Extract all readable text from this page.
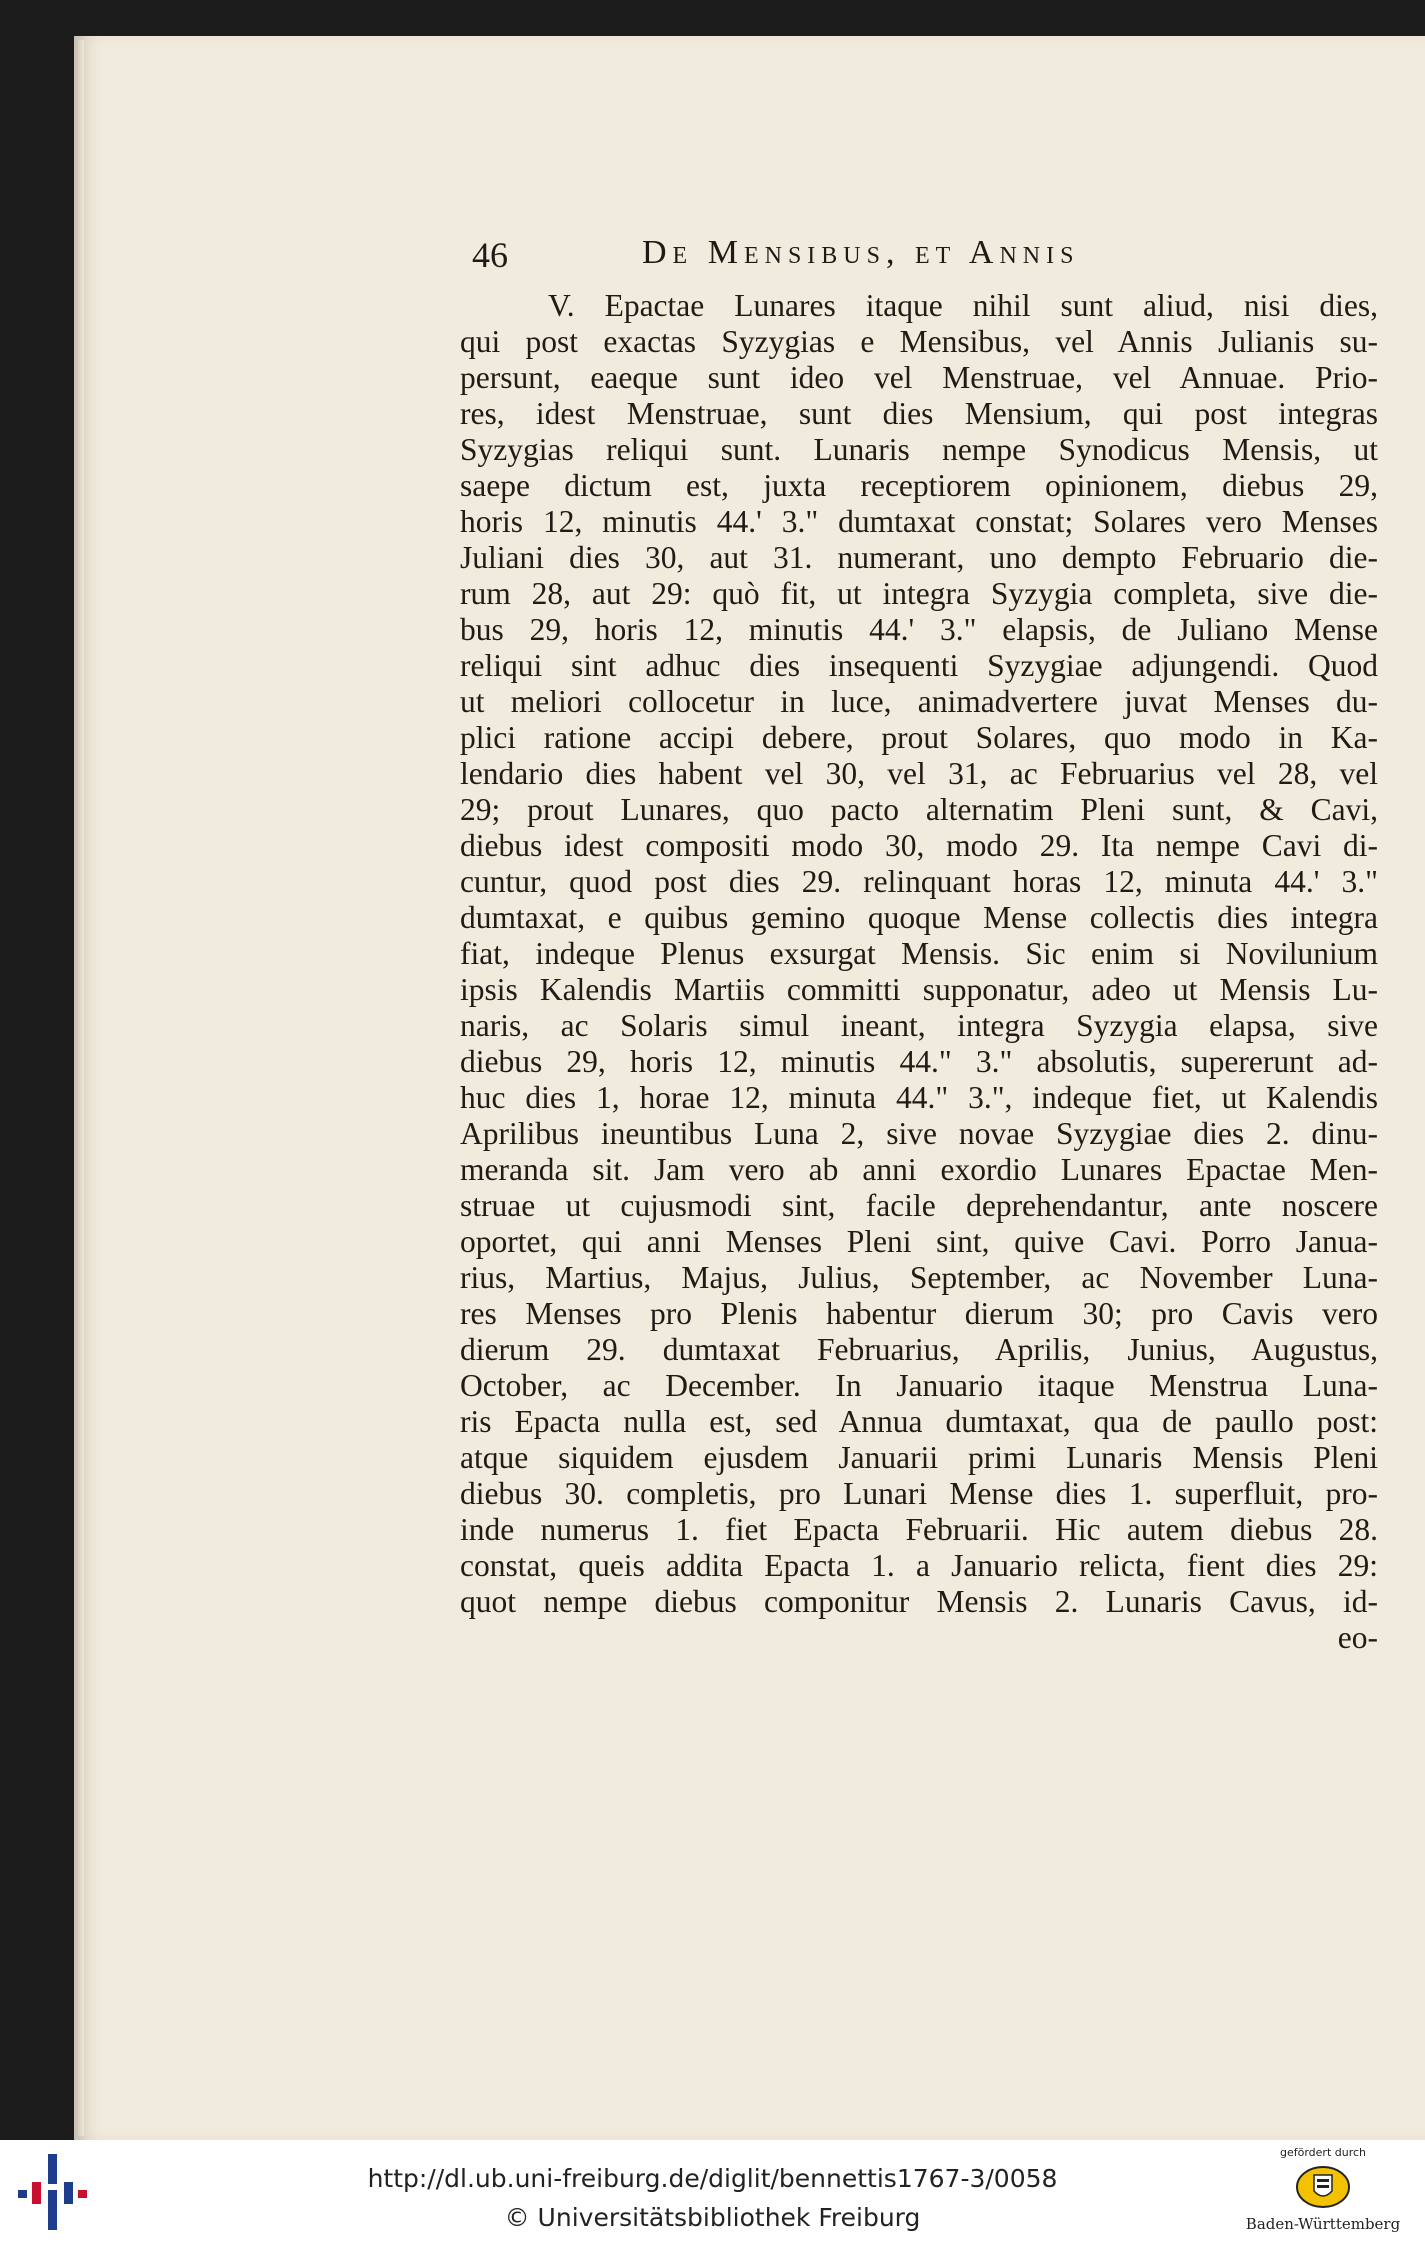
46	De Mensibus, et Annis
V. Epactae Lunares itaque nihil sunt aliud, nisi dies,
qui post exactas Syzygias e Mensibus, vel Annis Julianis su-
persunt, eaeque sunt ideo vel Menstruae, vel Annuae. Prio-
res, idest Menstruae, sunt dies Mensium, qui post integras
Syzygias reliqui sunt. Lunaris nempe Synodicus Mensis, ut
saepe dictum est, juxta receptiorem opinionem, diebus 29,
horis 12, minutis 44.' 3." dumtaxat constat; Solares vero Menses
Juliani dies 30, aut 31. numerant, uno dempto Februario die-
rum 28, aut 29: quò fit, ut integra Syzygia completa, sive die-
bus 29, horis 12, minutis 44.' 3." elapsis, de Juliano Mense
reliqui sint adhuc dies insequenti Syzygiae adjungendi. Quod
ut meliori collocetur in luce, animadvertere juvat Menses du-
plici ratione accipi debere, prout Solares, quo modo in Ka-
lendario dies habent vel 30, vel 31, ac Februarius vel 28, vel
29; prout Lunares, quo pacto alternatim Pleni sunt, & Cavi,
diebus idest compositi modo 30, modo 29. Ita nempe Cavi di-
cuntur, quod post dies 29. relinquant horas 12, minuta 44.' 3."
dumtaxat, e quibus gemino quoque Mense collectis dies integra
fiat, indeque Plenus exsurgat Mensis. Sic enim si Novilunium
ipsis Kalendis Martiis committi supponatur, adeo ut Mensis Lu-
naris, ac Solaris simul ineant, integra Syzygia elapsa, sive
diebus 29, horis 12, minutis 44." 3." absolutis, supererunt ad-
huc dies 1, horae 12, minuta 44." 3.", indeque fiet, ut Kalendis
Aprilibus ineuntibus Luna 2, sive novae Syzygiae dies 2. dinu-
meranda sit. Jam vero ab anni exordio Lunares Epactae Men-
struae ut cujusmodi sint, facile deprehendantur, ante noscere
oportet, qui anni Menses Pleni sint, quive Cavi. Porro Janua-
rius, Martius, Majus, Julius, September, ac November Luna-
res Menses pro Plenis habentur dierum 30; pro Cavis vero
dierum 29. dumtaxat Februarius, Aprilis, Junius, Augustus,
October, ac December. In Januario itaque Menstrua Luna-
ris Epacta nulla est, sed Annua dumtaxat, qua de paullo post:
atque siquidem ejusdem Januarii primi Lunaris Mensis Pleni
diebus 30. completis, pro Lunari Mense dies 1. superfluit, pro-
inde numerus 1. fiet Epacta Februarii. Hic autem diebus 28.
constat, queis addita Epacta 1. a Januario relicta, fient dies 29:
quot nempe diebus componitur Mensis 2. Lunaris Cavus, id-
eo-
http://dl.ub.uni-freiburg.de/diglit/bennettis1767-3/0058
© Universitätsbibliothek Freiburg
gefördert durch
Baden-Württemberg
